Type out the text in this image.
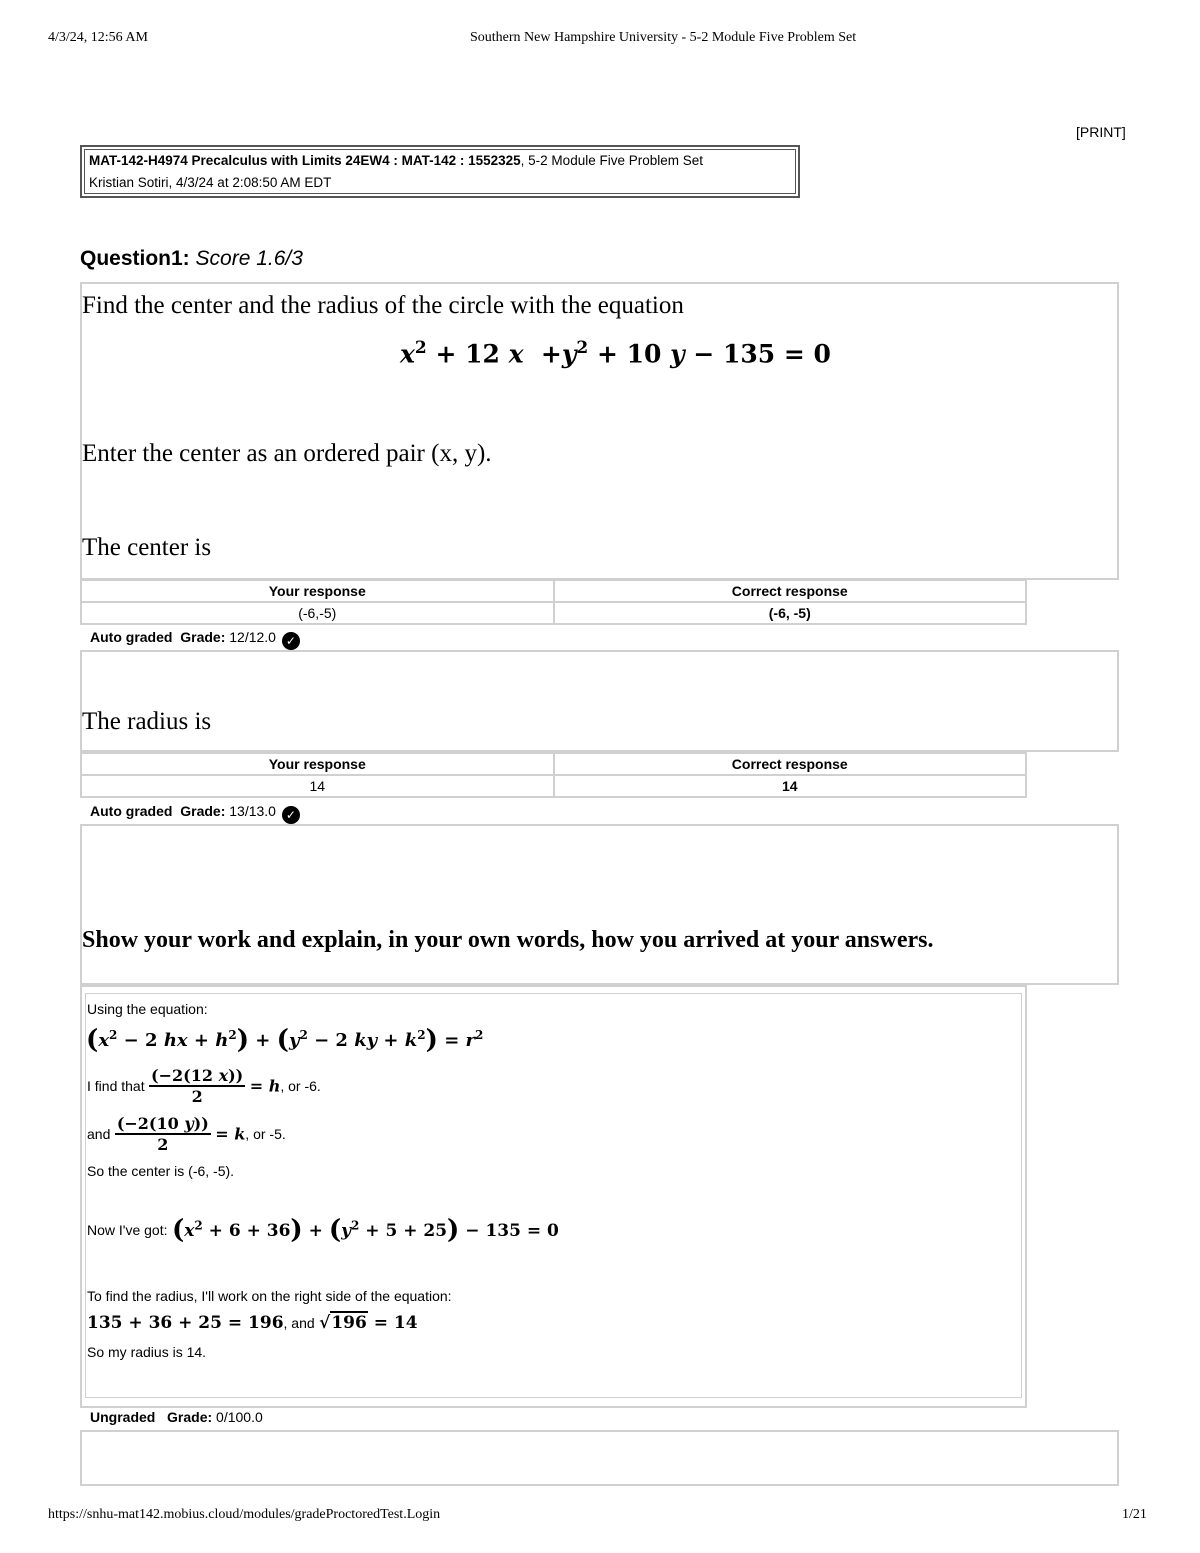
4/3/24, 12:56 AM	Southern New Hampshire University - 5-2 Module Five Problem Set
[PRINT]
MAT-142-H4974 Precalculus with Limits 24EW4 : MAT-142 : 1552325, 5-2 Module Five Problem Set
Kristian Sotiri, 4/3/24 at 2:08:50 AM EDT
Question1: Score 1.6/3
Find the center and the radius of the circle with the equation
$x^2 + 12$ $x +y^2 + 10$ y − 135 = 0
Enter the center as an ordered pair (x, y).
The center is
Your response	Correct response
(-6,-5)	(-6, -5)
Auto graded Grade: 12/12.0 ✓
The radius is
Your response	Correct response
14	14
Auto graded Grade: 13/13.0 ✓
Show your work and explain, in your own words, how you arrived at your answers.
Using the equation:
($x^2 - 2$ hx + $h^2) + (y^2 - 2$ ky + $k^2) = r^2$
I find that $\frac{(-2(12 x))}{2} = h$, or -6.
and $\frac{(-2(10 y))}{2} = k$, or -5.
So the center is (-6, -5).
Now I've got: $(x^2 + 6 + 36) + (y^2 + 5 + 25) - 135 = 0$
To find the radius, I'll work on the right side of the equation:
135 + 36 + 25 = 196, and √196 = 14
So my radius is 14.
Ungraded Grade: 0/100.0
https://snhu-mat142.mobius.cloud/modules/gradeProctoredTest.Login	1/21
